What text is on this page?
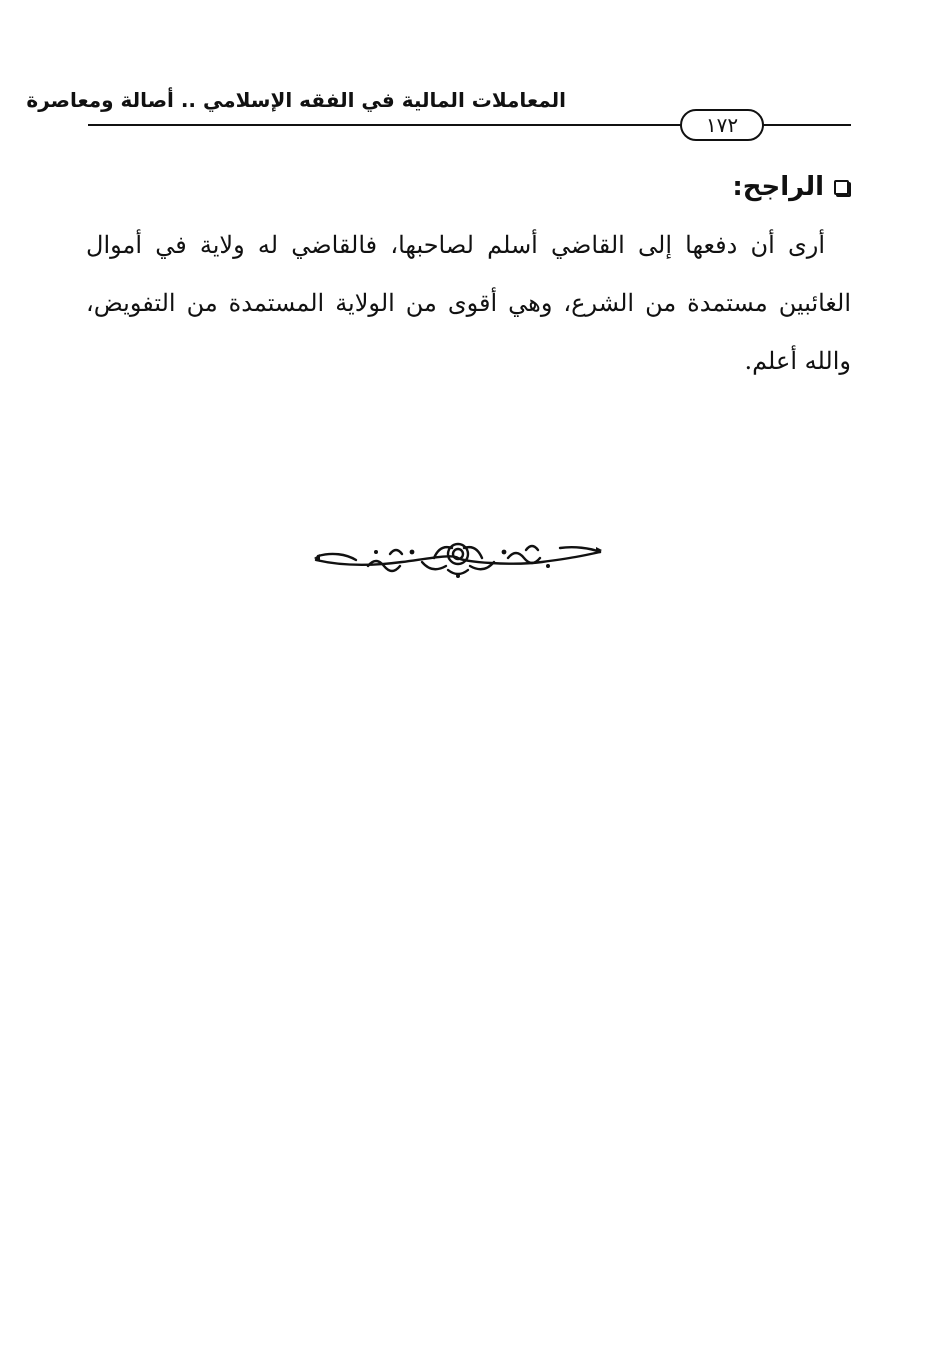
المعاملات المالية في الفقه الإسلامي .. أصالة ومعاصرة
١٧٢
الراجح:
أرى أن دفعها إلى القاضي أسلم لصاحبها، فالقاضي له ولاية في أموال
الغائبين مستمدة من الشرع، وهي أقوى من الولاية المستمدة من التفويض،
والله أعلم.
